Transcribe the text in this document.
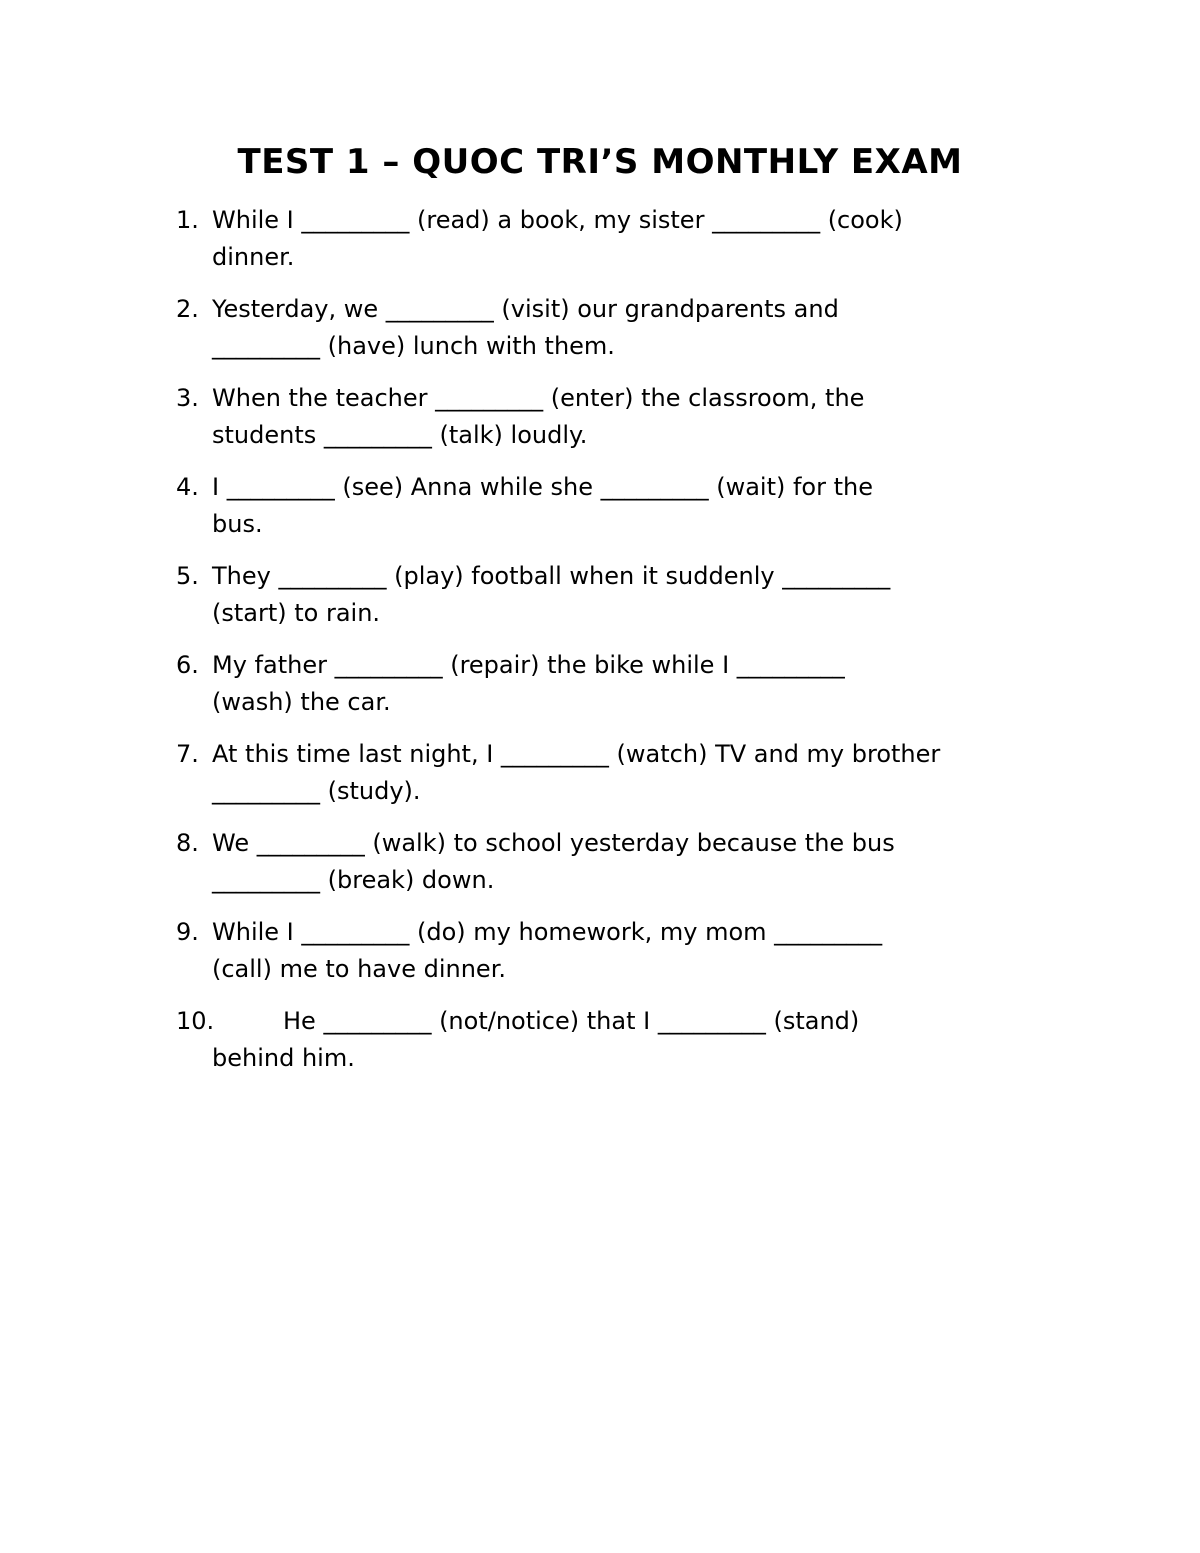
TEST 1 – QUOC TRI’S MONTHLY EXAM
1. While I _________ (read) a book, my sister _________ (cook)
dinner.
2. Yesterday, we _________ (visit) our grandparents and
_________ (have) lunch with them.
3. When the teacher _________ (enter) the classroom, the
students _________ (talk) loudly.
4. I _________ (see) Anna while she _________ (wait) for the
bus.
5. They _________ (play) football when it suddenly _________
(start) to rain.
6. My father _________ (repair) the bike while I _________
(wash) the car.
7. At this time last night, I _________ (watch) TV and my brother
_________ (study).
8. We _________ (walk) to school yesterday because the bus
_________ (break) down.
9. While I _________ (do) my homework, my mom _________
(call) me to have dinner.
10.	He _________ (not/notice) that I _________ (stand)
behind him.
